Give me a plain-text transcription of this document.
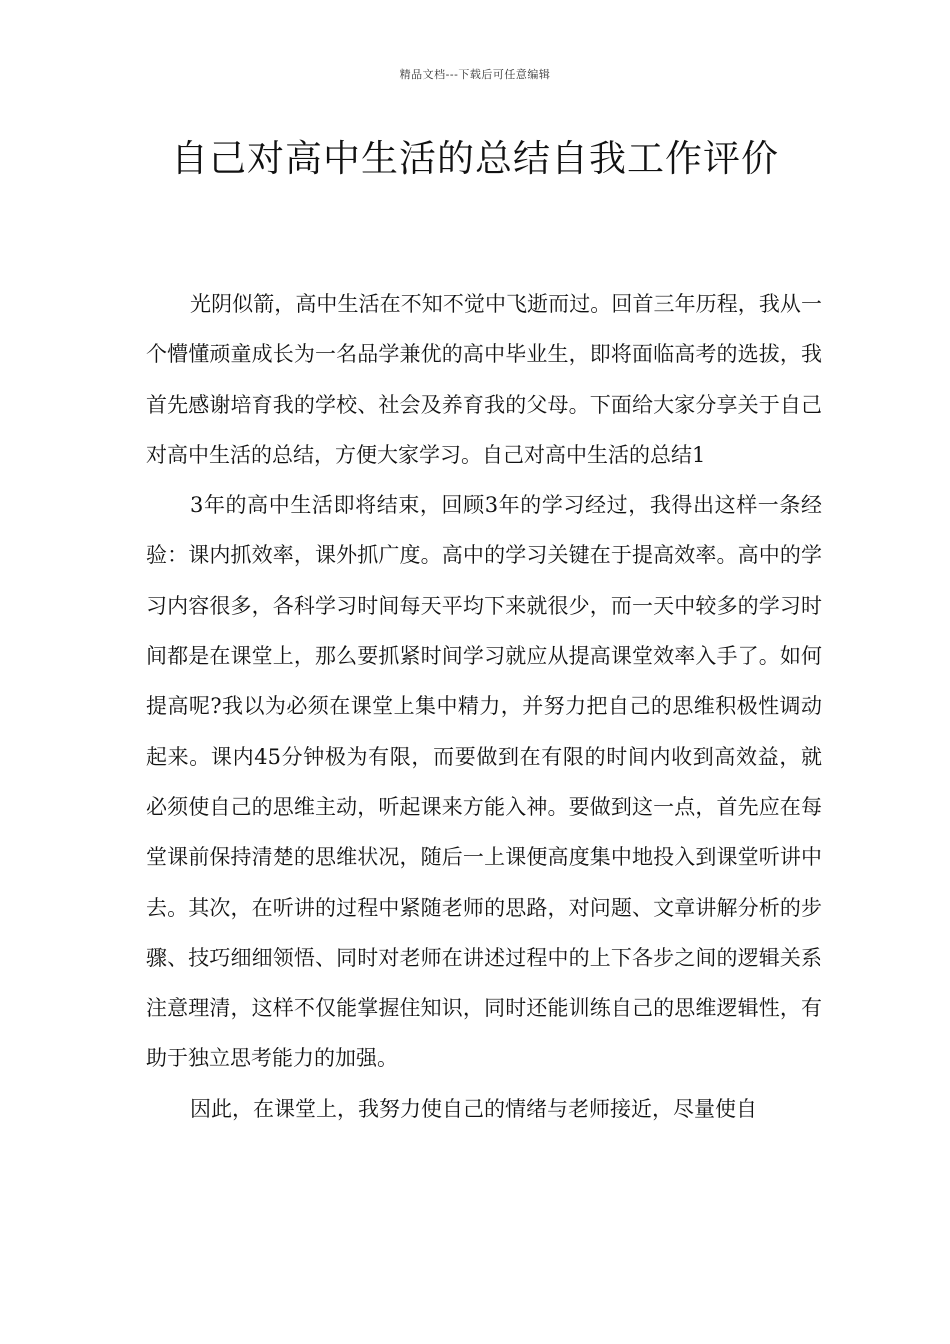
精品文档---下载后可任意编辑
自己对高中生活的总结自我工作评价

光阴似箭，高中生活在不知不觉中飞逝而过。回首三年历程，我从一个懵懂顽童成长为一名品学兼优的高中毕业生，即将面临高考的选拔，我首先感谢培育我的学校、社会及养育我的父母。下面给大家分享关于自己对高中生活的总结，方便大家学习。自己对高中生活的总结1

3年的高中生活即将结束，回顾3年的学习经过，我得出这样一条经验：课内抓效率，课外抓广度。高中的学习关键在于提高效率。高中的学习内容很多，各科学习时间每天平均下来就很少，而一天中较多的学习时间都是在课堂上，那么要抓紧时间学习就应从提高课堂效率入手了。如何提高呢?我以为必须在课堂上集中精力，并努力把自己的思维积极性调动起来。课内45分钟极为有限，而要做到在有限的时间内收到高效益，就必须使自己的思维主动，听起课来方能入神。要做到这一点，首先应在每堂课前保持清楚的思维状况，随后一上课便高度集中地投入到课堂听讲中去。其次，在听讲的过程中紧随老师的思路，对问题、文章讲解分析的步骤、技巧细细领悟、同时对老师在讲述过程中的上下各步之间的逻辑关系注意理清，这样不仅能掌握住知识，同时还能训练自己的思维逻辑性，有助于独立思考能力的加强。

因此，在课堂上，我努力使自己的情绪与老师接近，尽量使自
